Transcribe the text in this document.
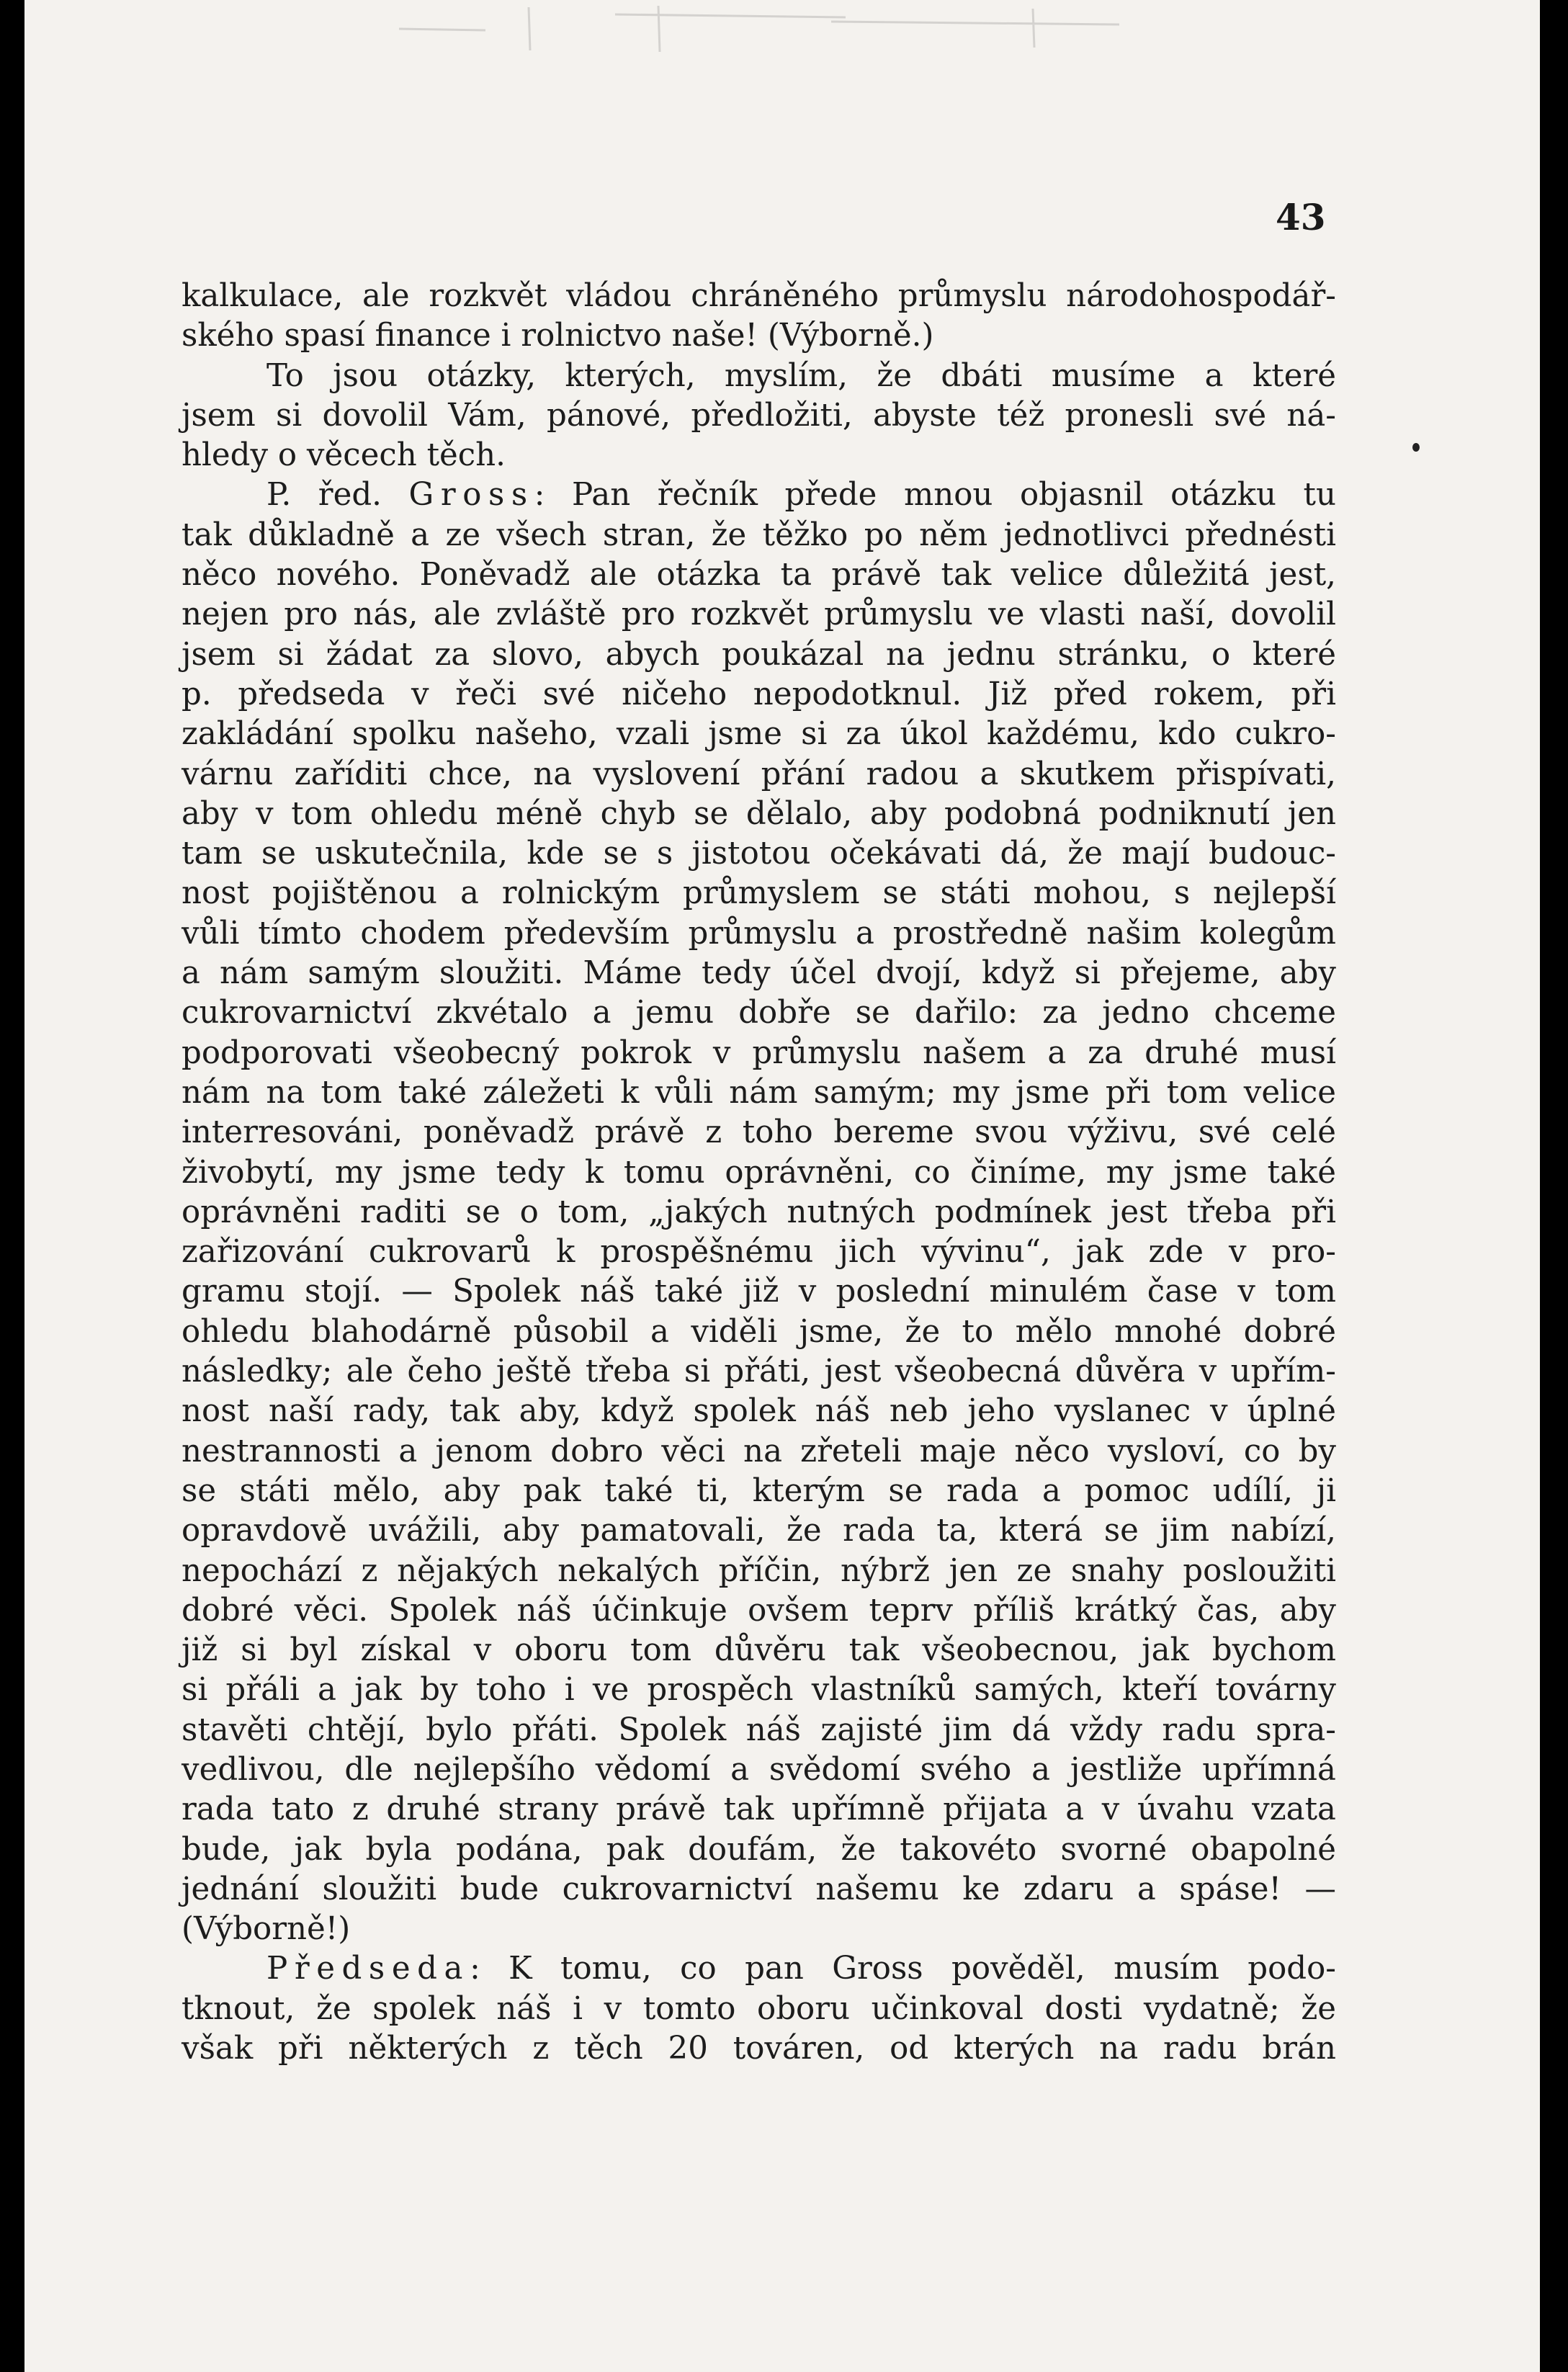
43
kalkulace, ale rozkvět vládou chráněného průmyslu národohospodář-
ského spasí finance i rolnictvo naše! (Výborně.)
To jsou otázky, kterých, myslím, že dbáti musíme a které
jsem si dovolil Vám, pánové, předložiti, abyste též pronesli své ná-
hledy o věcech těch.
P. řed. Gross: Pan řečník přede mnou objasnil otázku tu
tak důkladně a ze všech stran, že těžko po něm jednotlivci přednésti
něco nového. Poněvadž ale otázka ta právě tak velice důležitá jest,
nejen pro nás, ale zvláště pro rozkvět průmyslu ve vlasti naší, dovolil
jsem si žádat za slovo, abych poukázal na jednu stránku, o které
p. předseda v řeči své ničeho nepodotknul. Již před rokem, při
zakládání spolku našeho, vzali jsme si za úkol každému, kdo cukro-
várnu zaříditi chce, na vyslovení přání radou a skutkem přispívati,
aby v tom ohledu méně chyb se dělalo, aby podobná podniknutí jen
tam se uskutečnila, kde se s jistotou očekávati dá, že mají budouc-
nost pojištěnou a rolnickým průmyslem se státi mohou, s nejlepší
vůli tímto chodem především průmyslu a prostředně našim kolegům
a nám samým sloužiti. Máme tedy účel dvojí, když si přejeme, aby
cukrovarnictví zkvétalo a jemu dobře se dařilo: za jedno chceme
podporovati všeobecný pokrok v průmyslu našem a za druhé musí
nám na tom také záležeti k vůli nám samým; my jsme při tom velice
interresováni, poněvadž právě z toho bereme svou výživu, své celé
živobytí, my jsme tedy k tomu oprávněni, co činíme, my jsme také
oprávněni raditi se o tom, „jakých nutných podmínek jest třeba při
zařizování cukrovarů k prospěšnému jich vývinu“, jak zde v pro-
gramu stojí. — Spolek náš také již v poslední minulém čase v tom
ohledu blahodárně působil a viděli jsme, že to mělo mnohé dobré
následky; ale čeho ještě třeba si přáti, jest všeobecná důvěra v upřím-
nost naší rady, tak aby, když spolek náš neb jeho vyslanec v úplné
nestrannosti a jenom dobro věci na zřeteli maje něco vysloví, co by
se státi mělo, aby pak také ti, kterým se rada a pomoc udílí, ji
opravdově uvážili, aby pamatovali, že rada ta, která se jim nabízí,
nepochází z nějakých nekalých příčin, nýbrž jen ze snahy posloužiti
dobré věci. Spolek náš účinkuje ovšem teprv příliš krátký čas, aby
již si byl získal v oboru tom důvěru tak všeobecnou, jak bychom
si přáli a jak by toho i ve prospěch vlastníků samých, kteří továrny
stavěti chtějí, bylo přáti. Spolek náš zajisté jim dá vždy radu spra-
vedlivou, dle nejlepšího vědomí a svědomí svého a jestliže upřímná
rada tato z druhé strany právě tak upřímně přijata a v úvahu vzata
bude, jak byla podána, pak doufám, že takovéto svorné obapolné
jednání sloužiti bude cukrovarnictví našemu ke zdaru a spáse! —
(Výborně!)
Předseda: K tomu, co pan Gross pověděl, musím podo-
tknout, že spolek náš i v tomto oboru učinkoval dosti vydatně; že
však při některých z těch 20 továren, od kterých na radu brán
